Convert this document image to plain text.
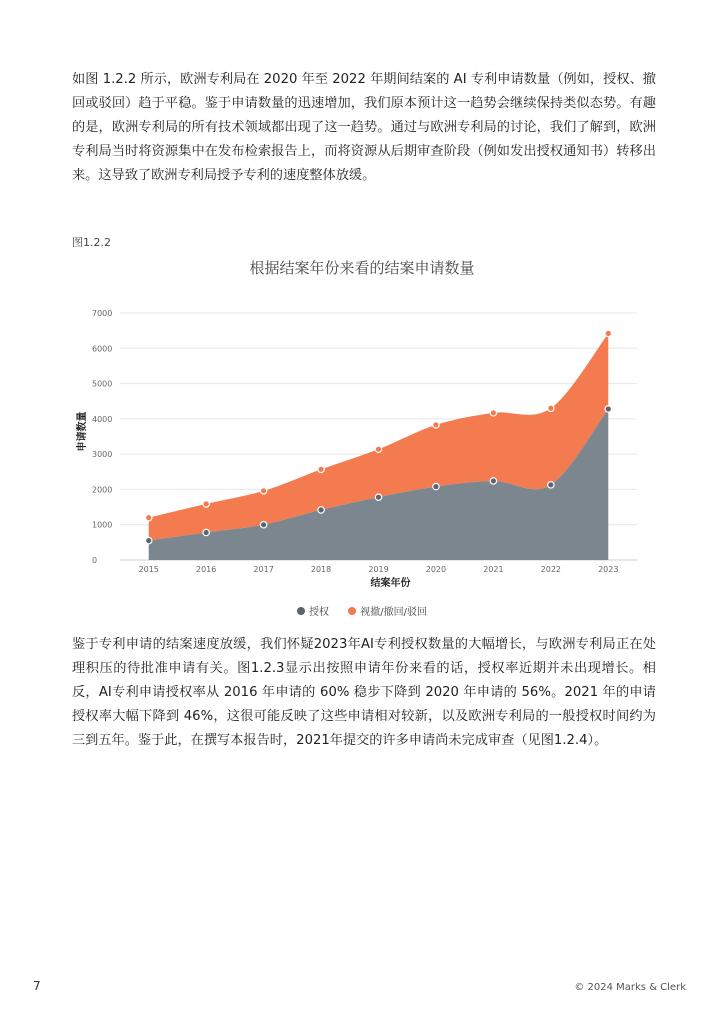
如图 1.2.2 所示，欧洲专利局在 2020 年至 2022 年期间结案的 AI 专利申请数量（例如，授权、撤回或驳回）趋于平稳。鉴于申请数量的迅速增加，我们原本预计这一趋势会继续保持类似态势。有趣的是，欧洲专利局的所有技术领域都出现了这一趋势。通过与欧洲专利局的讨论，我们了解到，欧洲专利局当时将资源集中在发布检索报告上，而将资源从后期审查阶段（例如发出授权通知书）转移出来。这导致了欧洲专利局授予专利的速度整体放缓。

图1.2.2
根据结案年份来看的结案申请数量
0
1000
2000
3000
4000
5000
6000
7000
2015	2016	2017	2018	2019	2020	2021	2022	2023
结案年份
申请数量
授权
	视撤/撤回/驳回

鉴于专利申请的结案速度放缓，我们怀疑2023年AI专利授权数量的大幅增长，与欧洲专利局正在处理积压的待批准申请有关。图1.2.3显示出按照申请年份来看的话，授权率近期并未出现增长。相反，AI专利申请授权率从 2016 年申请的 60% 稳步下降到 2020 年申请的 56%。2021 年的申请授权率大幅下降到 46%，这很可能反映了这些申请相对较新，以及欧洲专利局的一般授权时间约为三到五年。鉴于此，在撰写本报告时，2021年提交的许多申请尚未完成审查（见图1.2.4）。

7	© 2024 Marks & Clerk
